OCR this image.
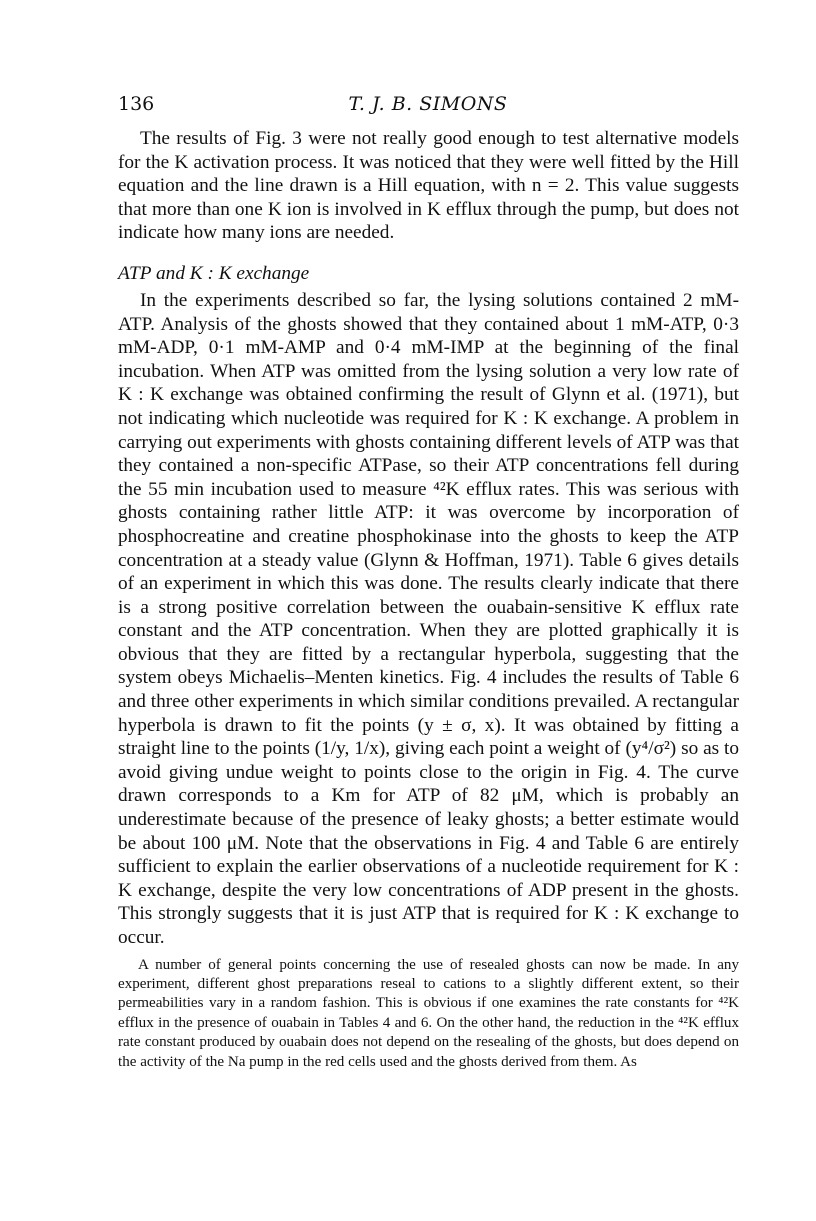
136	T. J. B. SIMONS

The results of Fig. 3 were not really good enough to test alternative models for the K activation process. It was noticed that they were well fitted by the Hill equation and the line drawn is a Hill equation, with n = 2. This value suggests that more than one K ion is involved in K efflux through the pump, but does not indicate how many ions are needed.

ATP and K : K exchange

In the experiments described so far, the lysing solutions contained 2 mM-ATP. Analysis of the ghosts showed that they contained about 1 mM-ATP, 0·3 mM-ADP, 0·1 mM-AMP and 0·4 mM-IMP at the beginning of the final incubation. When ATP was omitted from the lysing solution a very low rate of K : K exchange was obtained confirming the result of Glynn et al. (1971), but not indicating which nucleotide was required for K : K exchange. A problem in carrying out experiments with ghosts containing different levels of ATP was that they contained a non-specific ATPase, so their ATP concentrations fell during the 55 min incubation used to measure ⁴²K efflux rates. This was serious with ghosts containing rather little ATP: it was overcome by incorporation of phosphocreatine and creatine phosphokinase into the ghosts to keep the ATP concentration at a steady value (Glynn & Hoffman, 1971). Table 6 gives details of an experiment in which this was done. The results clearly indicate that there is a strong positive correlation between the ouabain-sensitive K efflux rate constant and the ATP concentration. When they are plotted graphically it is obvious that they are fitted by a rectangular hyperbola, suggesting that the system obeys Michaelis–Menten kinetics. Fig. 4 includes the results of Table 6 and three other experiments in which similar conditions prevailed. A rectangular hyperbola is drawn to fit the points (y ± σ, x). It was obtained by fitting a straight line to the points (1/y, 1/x), giving each point a weight of (y⁴/σ²) so as to avoid giving undue weight to points close to the origin in Fig. 4. The curve drawn corresponds to a Km for ATP of 82 μM, which is probably an underestimate because of the presence of leaky ghosts; a better estimate would be about 100 μM. Note that the observations in Fig. 4 and Table 6 are entirely sufficient to explain the earlier observations of a nucleotide requirement for K : K exchange, despite the very low concentrations of ADP present in the ghosts. This strongly suggests that it is just ATP that is required for K : K exchange to occur.

A number of general points concerning the use of resealed ghosts can now be made. In any experiment, different ghost preparations reseal to cations to a slightly different extent, so their permeabilities vary in a random fashion. This is obvious if one examines the rate constants for ⁴²K efflux in the presence of ouabain in Tables 4 and 6. On the other hand, the reduction in the ⁴²K efflux rate constant produced by ouabain does not depend on the resealing of the ghosts, but does depend on the activity of the Na pump in the red cells used and the ghosts derived from them. As
